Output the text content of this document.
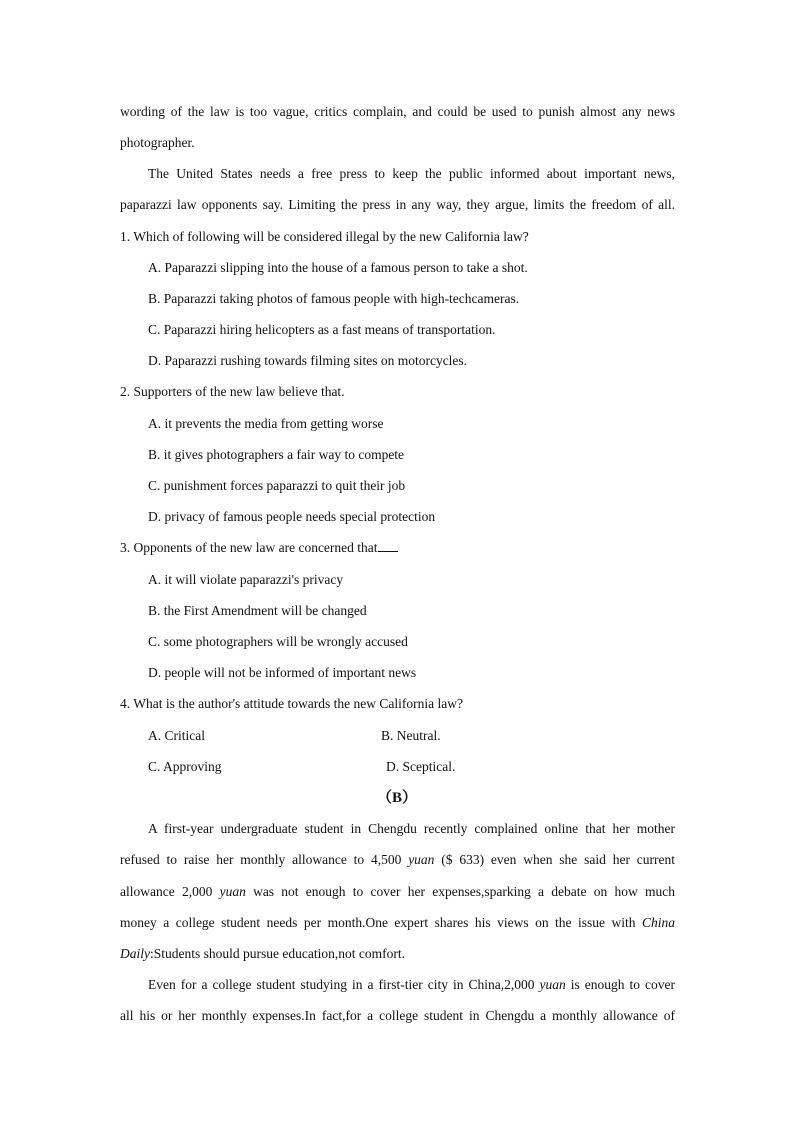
wording of the law is too vague, critics complain, and could be used to punish almost any news
photographer.
The United States needs a free press to keep the public informed about important news,
paparazzi law opponents say. Limiting the press in any way, they argue, limits the freedom of all.
1. Which of following will be considered illegal by the new California law?
A. Paparazzi slipping into the house of a famous person to take a shot.
B. Paparazzi taking photos of famous people with high-techcameras.
C. Paparazzi hiring helicopters as a fast means of transportation.
D. Paparazzi rushing towards filming sites on motorcycles.
2. Supporters of the new law believe that.
A. it prevents the media from getting worse
B. it gives photographers a fair way to compete
C. punishment forces paparazzi to quit their job
D. privacy of famous people needs special protection
3. Opponents of the new law are concerned that
A. it will violate paparazzi's privacy
B. the First Amendment will be changed
C. some photographers will be wrongly accused
D. people will not be informed of important news
4. What is the author's attitude towards the new California law?
A. Critical	B. Neutral.
C. Approving	D. Sceptical.
（B）
A first-year undergraduate student in Chengdu recently complained online that her mother
refused to raise her monthly allowance to 4,500 yuan ($ 633) even when she said her current
allowance 2,000 yuan was not enough to cover her expenses,sparking a debate on how much
money a college student needs per month.One expert shares his views on the issue with China
Daily:Students should pursue education,not comfort.
Even for a college student studying in a first-tier city in China,2,000 yuan is enough to cover
all his or her monthly expenses.In fact,for a college student in Chengdu a monthly allowance of
